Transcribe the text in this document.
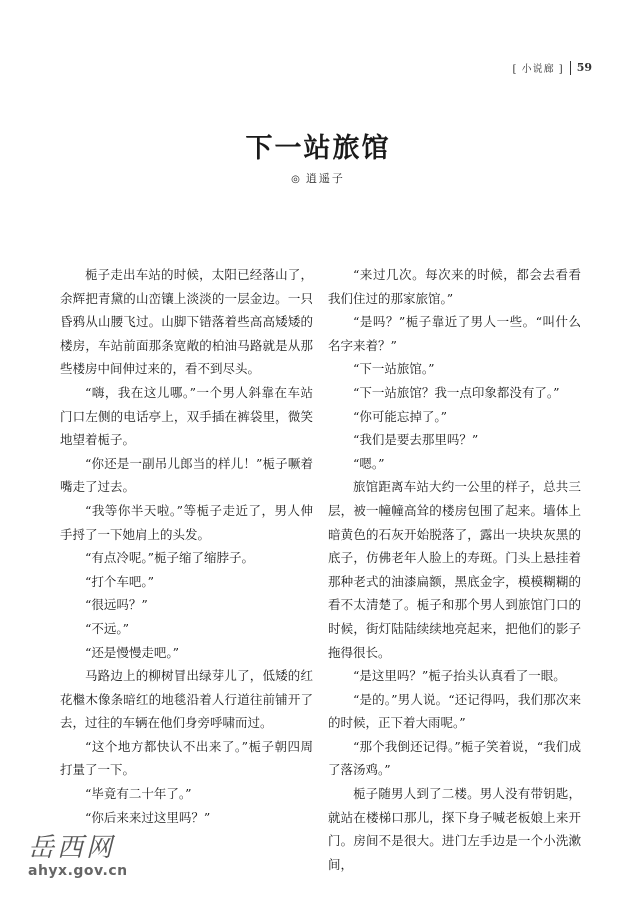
[ 小说廊 ]	59
下一站旅馆
◎ 逍遥子

栀子走出车站的时候，太阳已经落山了，余辉把青黛的山峦镶上淡淡的一层金边。一只昏鸦从山腰飞过。山脚下错落着些高高矮矮的楼房，车站前面那条宽敞的柏油马路就是从那些楼房中间伸过来的，看不到尽头。

“嗨，我在这儿哪。”一个男人斜靠在车站门口左侧的电话亭上，双手插在裤袋里，微笑地望着栀子。

“你还是一副吊儿郎当的样儿！”栀子噘着嘴走了过去。

“我等你半天啦。”等栀子走近了，男人伸手捋了一下她肩上的头发。

“有点冷呢。”栀子缩了缩脖子。

“打个车吧。”

“很远吗？”

“不远。”

“还是慢慢走吧。”

马路边上的柳树冒出绿芽儿了，低矮的红花檵木像条暗红的地毯沿着人行道往前铺开了去，过往的车辆在他们身旁呼啸而过。

“这个地方都快认不出来了。”栀子朝四周打量了一下。

“毕竟有二十年了。”

“你后来来过这里吗？”

“来过几次。每次来的时候，都会去看看我们住过的那家旅馆。”

“是吗？”栀子靠近了男人一些。“叫什么名字来着？”

“下一站旅馆。”

“下一站旅馆？我一点印象都没有了。”

“你可能忘掉了。”

“我们是要去那里吗？”

“嗯。”

旅馆距离车站大约一公里的样子，总共三层，被一幢幢高耸的楼房包围了起来。墙体上暗黄色的石灰开始脱落了，露出一块块灰黑的底子，仿佛老年人脸上的寿斑。门头上悬挂着那种老式的油漆扁额，黑底金字，模模糊糊的看不太清楚了。栀子和那个男人到旅馆门口的时候，街灯陆陆续续地亮起来，把他们的影子拖得很长。

“是这里吗？”栀子抬头认真看了一眼。

“是的。”男人说。“还记得吗，我们那次来的时候，正下着大雨呢。”

“那个我倒还记得。”栀子笑着说，“我们成了落汤鸡。”

栀子随男人到了二楼。男人没有带钥匙，就站在楼梯口那儿，探下身子喊老板娘上来开门。房间不是很大。进门左手边是一个小洗漱间，

岳西网
ahyx.gov.cn
